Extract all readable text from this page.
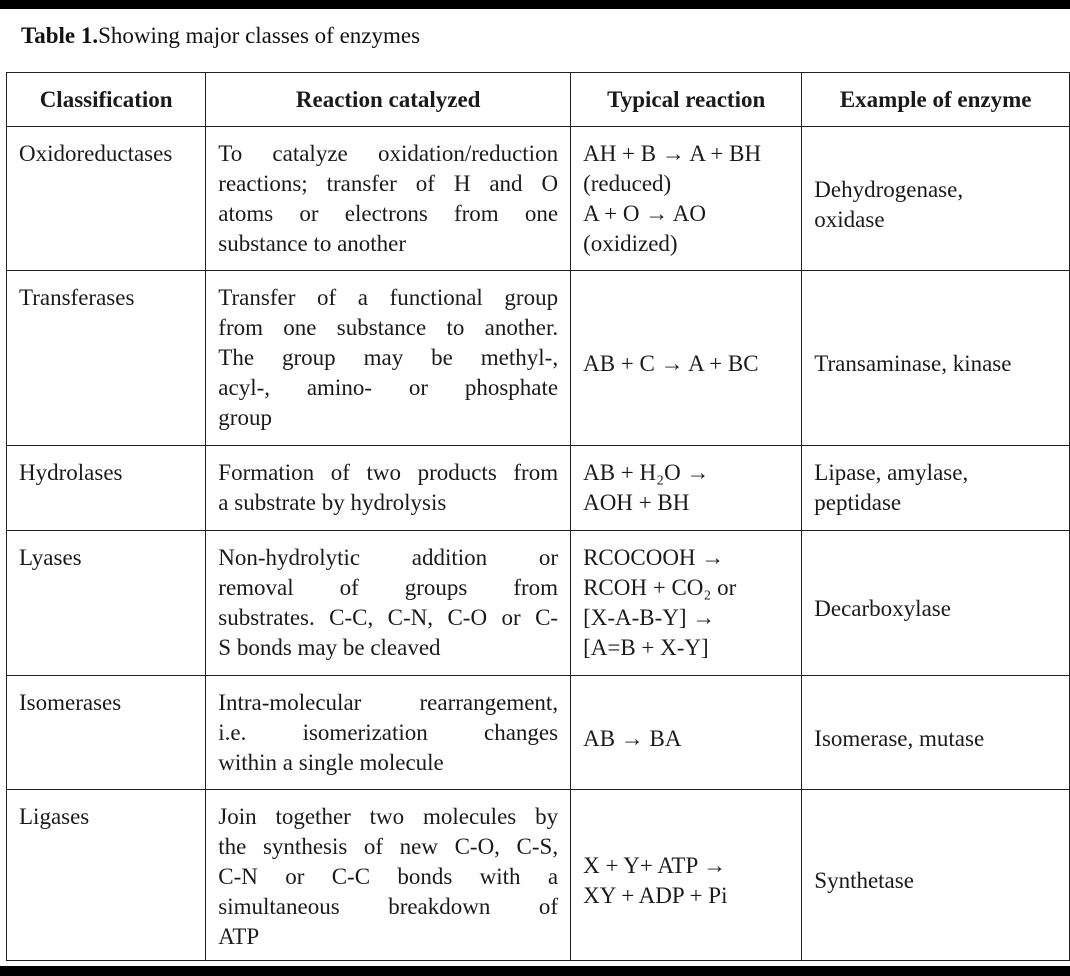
Table 1.Showing major classes of enzymes
Classification	Reaction catalyzed	Typical reaction	Example of enzyme

Oxidoreductases	To catalyze oxidation/reduction
reactions; transfer of H and O
atoms or electrons from one
substance to another	AH + B → A + BH
(reduced)
A + O → AO
(oxidized)	Dehydrogenase,
oxidase

Transferases	Transfer of a functional group
from one substance to another.
The group may be methyl-,
acyl-, amino- or phosphate
group	AB + C → A + BC	Transaminase, kinase

Hydrolases	Formation of two products from
a substrate by hydrolysis	AB + H₂O →
AOH + BH	Lipase, amylase,
peptidase

Lyases	Non-hydrolytic addition or
removal of groups from
substrates. C-C, C-N, C-O or C-
S bonds may be cleaved	RCOCOOH →
RCOH + CO₂ or
[X-A-B-Y] →
[A=B + X-Y]	Decarboxylase

Isomerases	Intra-molecular rearrangement,
i.e. isomerization changes
within a single molecule	AB → BA	Isomerase, mutase

Ligases	Join together two molecules by
the synthesis of new C-O, C-S,
C-N or C-C bonds with a
simultaneous breakdown of
ATP	X + Y+ ATP →
XY + ADP + Pi	Synthetase
